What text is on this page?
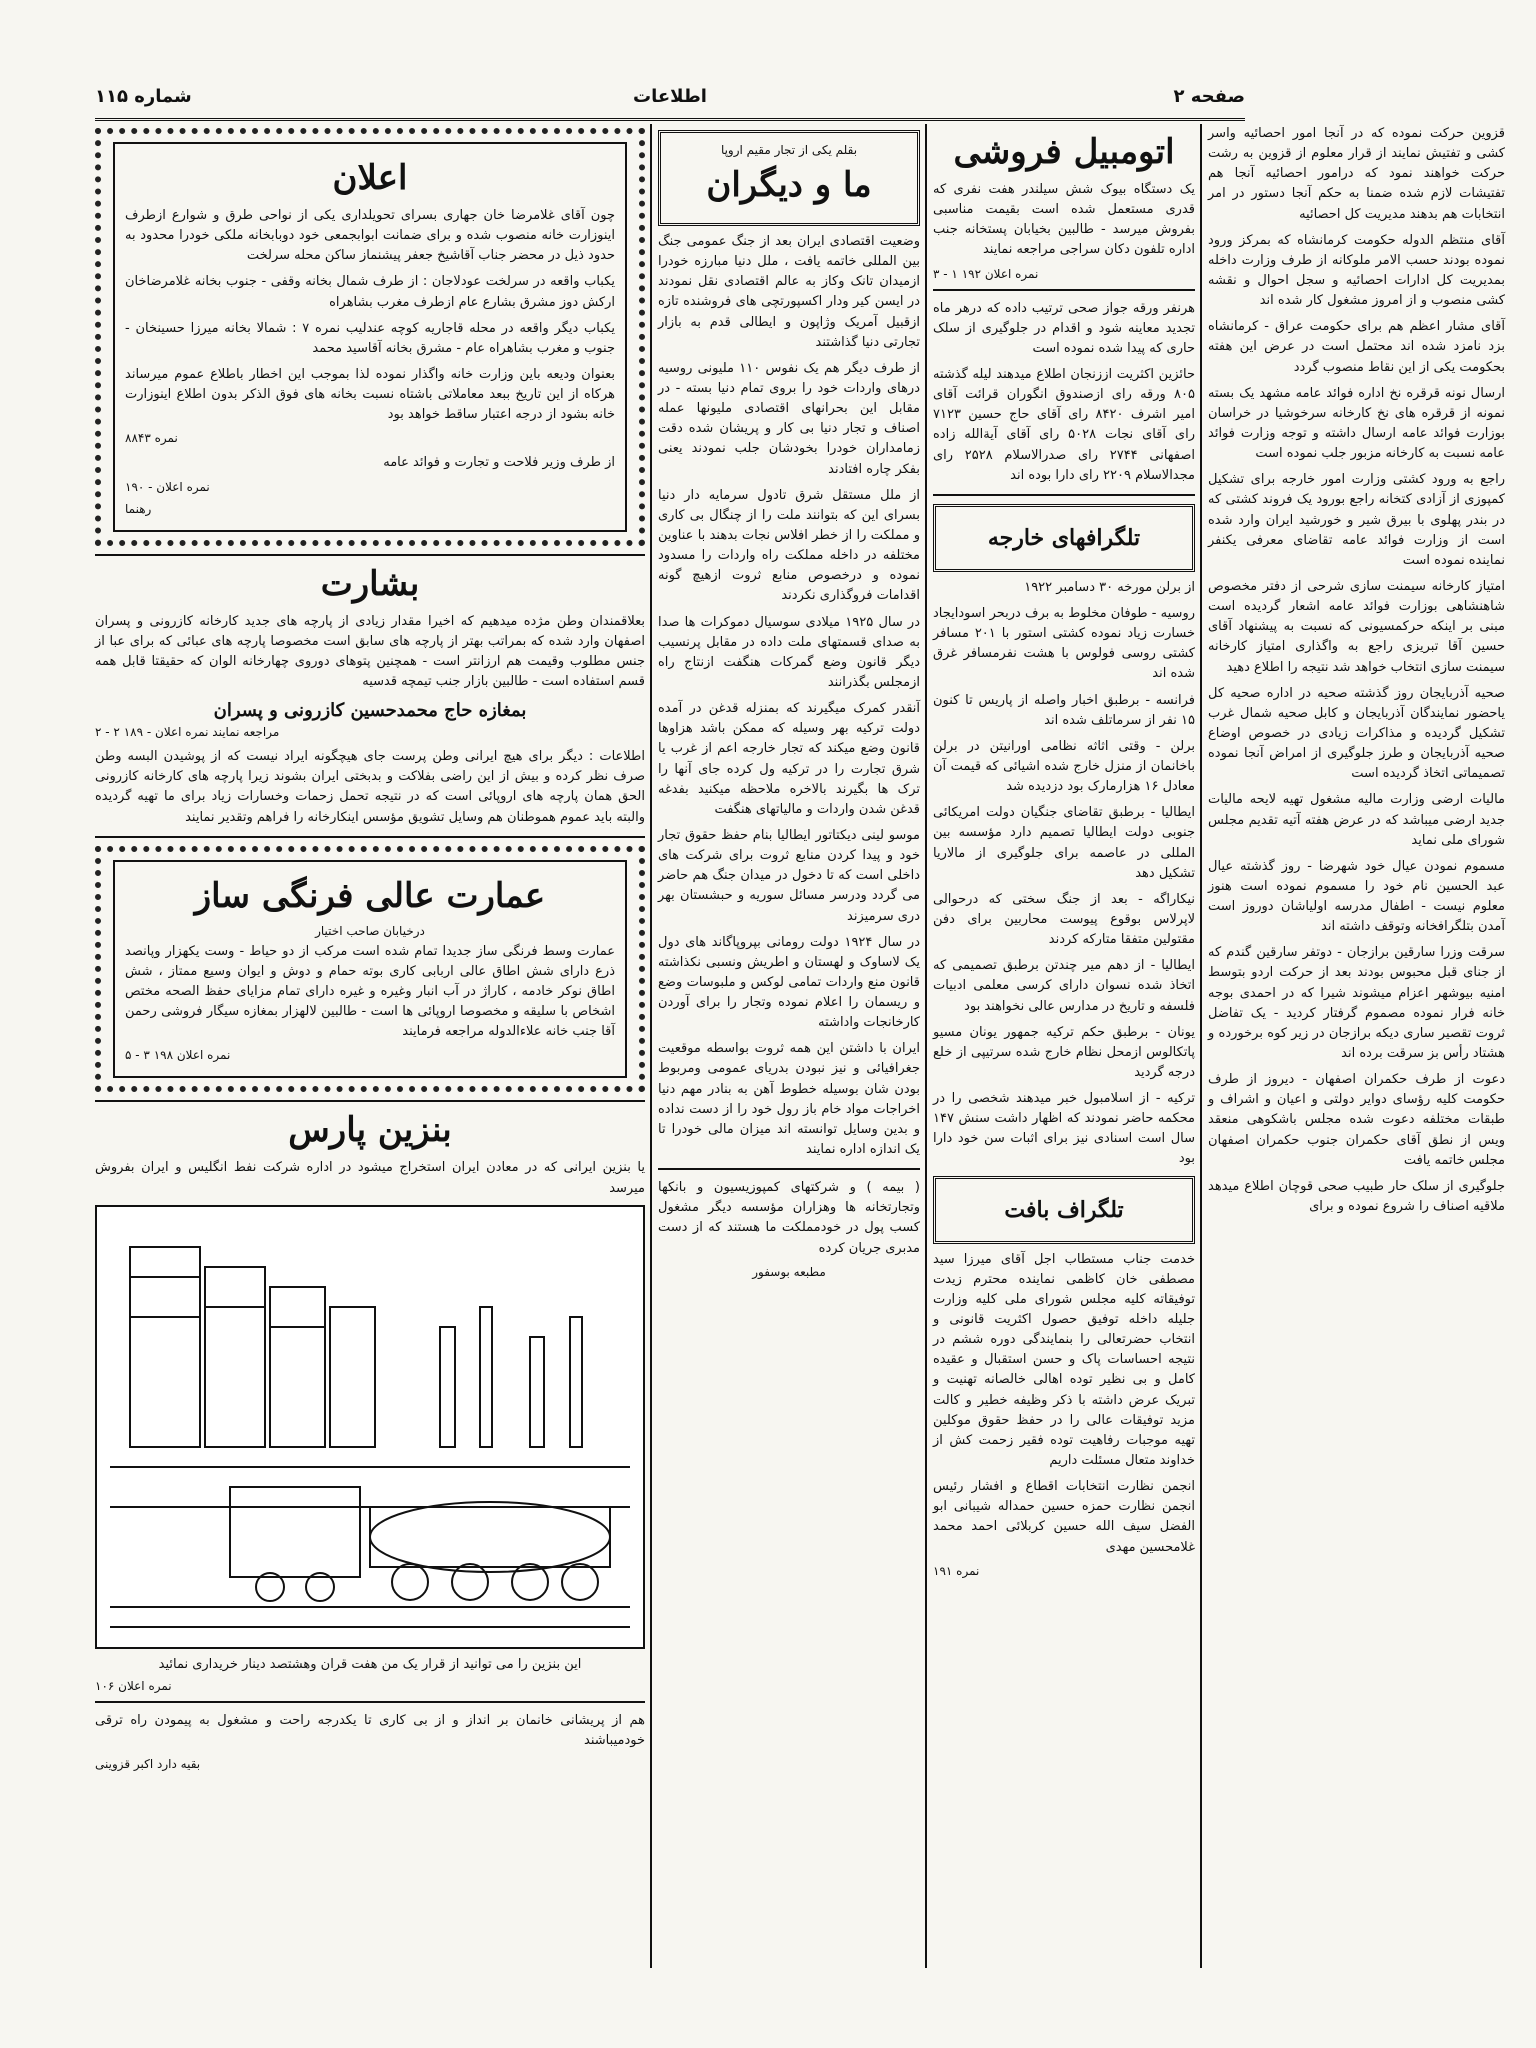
صفحه ۲
اطلاعات
شماره ۱۱۵

قزوین حرکت نموده که در آنجا امور احصائیه واسر کشی و تفتیش نمایند از قرار معلوم از قزوین به رشت حرکت خواهند نمود که درامور احصائیه آنجا هم تفتیشات لازم شده ضمنا به حکم آنجا دستور در امر انتخابات هم بدهند مدیریت کل احصائیه

آقای منتظم الدوله حکومت کرمانشاه که بمرکز ورود نموده بودند حسب الامر ملوکانه از طرف وزارت داخله بمدیریت کل ادارات احصائیه و سجل احوال و نقشه کشی منصوب و از امروز مشغول کار شده اند

آقای مشار اعظم هم برای حکومت عراق - کرمانشاه بزد نامزد شده اند محتمل است در عرض این هفته بحکومت یکی از این نقاط منصوب گردد

ارسال نونه قرقره نخ اداره فوائد عامه مشهد یک بسته نمونه از قرقره های نخ کارخانه سرخوشیا در خراسان بوزارت فوائد عامه ارسال داشته و توجه وزارت فوائد عامه نسبت به کارخانه مزبور جلب نموده است

راجع به ورود کشتی وزارت امور خارجه برای تشکیل کمپوزی از آزادی کتخانه راجع بورود یک فروند کشتی که در بندر پهلوی با بیرق شیر و خورشید ایران وارد شده است از وزارت فوائد عامه تقاضای معرفی یکنفر نماینده نموده است

امتیاز کارخانه سیمنت سازی شرحی از دفتر مخصوص شاهنشاهی بوزارت فوائد عامه اشعار گردیده است مبنی بر اینکه حرکمسیونی که نسبت به پیشنهاد آقای حسین آقا تبریزی راجع به واگذاری امتیاز کارخانه سیمنت سازی انتخاب خواهد شد نتیجه را اطلاع دهید

صحیه آذربایجان روز گذشته صحیه در اداره صحیه کل یاحضور نمایندگان آذربایجان و کابل صحیه شمال غرب تشکیل گردیده و مذاکرات زیادی در خصوص اوضاع صحیه آذربایجان و طرز جلوگیری از امراض آنجا نموده تصمیماتی اتخاذ گردیده است

مالیات ارضی وزارت مالیه مشغول تهیه لایحه مالیات جدید ارضی میباشد که در عرض هفته آتیه تقدیم مجلس شورای ملی نماید

مسموم نمودن عیال خود شهرضا - روز گذشته عیال عبد الحسین نام خود را مسموم نموده است هنوز معلوم نیست - اطفال مدرسه اولیاشان دوروز است آمدن بتلگرافخانه وتوقف داشته اند

سرقت وزرا سارقین برازجان - دوتفر سارقین گندم که از جنای قبل محبوس بودند بعد از حرکت اردو بتوسط امنیه بیوشهر اعزام میشوند شیرا که در احمدی بوجه خانه فرار نموده مصموم گرفتار کردید - یک تفاضل ثروت تقصیر ساری دیکه برازجان در زیر کوه برخورده و هشتاد رأس بز سرقت برده اند

دعوت از طرف حکمران اصفهان - دیروز از طرف حکومت کلیه رؤسای دوایر دولتی و اعیان و اشراف و طبقات مختلفه دعوت شده مجلس باشکوهی منعقد ویس از نطق آقای حکمران جنوب حکمران اصفهان مجلس خاتمه یافت

جلوگیری از سلک حار طبیب صحی قوچان اطلاع میدهد ملاقیه اصناف را شروع نموده و برای

اتومبیل فروشی

یک دستگاه بیوک شش سیلندر هفت نفری که قدری مستعمل شده است بقیمت مناسبی بفروش میرسد - طالبین بخیابان پستخانه جنب اداره تلفون دکان سراجی مراجعه نمایند

نمره اعلان ۱۹۲ ۱ - ۳

هرنفر ورقه جواز صحی ترتیب داده که درهر ماه تجدید معاینه شود و اقدام در جلوگیری از سلک حاری که پیدا شده نموده است

حائزین اکثریت اززنجان اطلاع میدهند لیله گذشته ۸۰۵ ورقه رای ازصندوق انگوران قرائت آقای امیر اشرف ۸۴۲۰ رای آقای حاج حسین ۷۱۲۳ رای آقای نجات ۵۰۲۸ رای آقای آیةالله زاده اصفهانی ۲۷۴۴ رای صدرالاسلام ۲۵۲۸ رای مجدالاسلام ۲۲۰۹ رای دارا بوده اند

تلگرافهای خارجه

از برلن مورخه ۳۰ دسامبر ۱۹۲۲

روسیه - طوفان مخلوط به برف دربحر اسودایجاد خسارت زیاد نموده کشتی استور با ۲۰۱ مسافر کشتی روسی فولوس با هشت نفرمسافر غرق شده اند

فرانسه - برطبق اخبار واصله از پاریس تا کنون ۱۵ نفر از سرماتلف شده اند

برلن - وقتی اثاثه نظامی اورانیتن در برلن باخانمان از منزل خارج شده اشیائی که قیمت آن معادل ۱۶ هزارمارک بود دزدیده شد

ایطالیا - برطبق تقاضای جنگیان دولت امریکائی جنوبی دولت ایطالیا تصمیم دارد مؤسسه بین المللی در عاصمه برای جلوگیری از مالاریا تشکیل دهد

نیکاراگه - بعد از جنگ سختی که درحوالی لاپرلاس بوقوع پیوست محاربین برای دفن مقتولین متفقا متارکه کردند

ایطالیا - از دهم میر چندتن برطبق تصمیمی که اتخاذ شده نسوان دارای کرسی معلمی ادبیات فلسفه و تاریخ در مدارس عالی نخواهند بود

یونان - برطبق حکم ترکیه جمهور یونان مسیو پاتکالوس ازمحل نظام خارج شده سرتیپی از خلع درجه گردید

ترکیه - از اسلامبول خبر میدهند شخصی را در محکمه حاضر نمودند که اظهار داشت سنش ۱۴۷ سال است اسنادی نیز برای اثبات سن خود دارا بود

تلگراف بافت

خدمت جناب مستطاب اجل آقای میرزا سید مصطفی خان کاظمی نماینده محترم زیدت توفیقاته کلیه مجلس شورای ملی کلیه وزارت جلیله داخله توفیق حصول اکثریت قانونی و انتخاب حضرتعالی را بنمایندگی دوره ششم در نتیجه احساسات پاک و حسن استقبال و عقیده کامل و بی نظیر توده اهالی خالصانه تهنیت و تبریک عرض داشته با ذکر وظیفه خطیر و کالت مزید توفیقات عالی را در حفظ حقوق موکلین تهیه موجبات رفاهیت توده فقیر زحمت کش از خداوند متعال مسئلت داریم

انجمن نظارت انتخابات اقطاع و افشار رئیس انجمن نظارت حمزه حسین حمداله شیبانی ابو الفضل سیف الله حسین کربلائی احمد محمد غلامحسین مهدی

نمره ۱۹۱
بقلم یکی از تجار مقیم اروپا
ما و دیگران

وضعیت اقتصادی ایران بعد از جنگ عمومی جنگ بین المللی خاتمه یافت ، ملل دنیا مبارزه خودرا ازمیدان تانک وکاز به عالم اقتصادی نقل نمودند در ایسن کیر ودار اکسپورتچی های فروشنده تازه ازقبیل آمریک وژاپون و ایطالی قدم به بازار تجارتی دنیا گذاشتند

از طرف دیگر هم یک نفوس ۱۱۰ ملیونی روسیه درهای واردات خود را بروی تمام دنیا بسته - در مقابل این بحرانهای اقتصادی ملیونها عمله اصناف و تجار دنیا بی کار و پریشان شده دقت زمامداران خودرا بخودشان جلب نمودند یعنی بفکر چاره افتادند

از ملل مستقل شرق تادول سرمایه دار دنیا بسرای این که بتوانند ملت را از چنگال بی کاری و مملکت را از خطر افلاس نجات بدهند با عناوین مختلفه در داخله مملکت راه واردات را مسدود نموده و درخصوص منابع ثروت ازهیچ گونه اقدامات فروگذاری نکردند

در سال ۱۹۲۵ میلادی سوسیال دموکرات ها صدا به صدای قسمتهای ملت داده در مقابل پرنسیب دیگر قانون وضع گمرکات هنگفت ازنتاج راه ازمجلس بگذرانند

آنقدر کمرک میگیرند که بمنزله قدغن در آمده دولت ترکیه بهر وسیله که ممکن باشد هزاوها قانون وضع میکند که تجار خارجه اعم از غرب یا شرق تجارت را در ترکیه ول کرده جای آنها را ترک ها بگیرند بالاخره ملاحظه میکنید بفدغه قدغن شدن واردات و مالیاتهای هنگفت

موسو لینی دیکتاتور ایطالیا بنام حفظ حقوق تجار خود و پیدا کردن منابع ثروت برای شرکت های داخلی است که تا دخول در میدان جنگ هم حاضر می گردد ودرسر مسائل سوریه و حبشستان بهر دری سرمیزند

در سال ۱۹۲۴ دولت رومانی بپروپاگاند های دول یک لاساوک و لهستان و اطریش ونسبی نکذاشته قانون منع واردات تمامی لوکس و ملبوسات وضع و ریسمان را اعلام نموده وتجار را برای آوردن کارخانجات واداشته

ایران با داشتن این همه ثروت بواسطه موقعیت جغرافیائی و نیز نبودن بدریای عمومی ومربوط بودن شان بوسیله خطوط آهن به بنادر مهم دنیا اخراجات مواد خام باز رول خود را از دست نداده و بدین وسایل توانسته اند میزان مالی خودرا تا یک اندازه اداره نمایند

( بیمه ) و شرکتهای کمپوزیسیون و بانکها وتجارتخانه ها وهزاران مؤسسه دیگر مشغول کسب پول در خودمملکت ما هستند که از دست مدبری جریان کرده

مطبعه بوسفور
اعلان

چون آقای غلامرضا خان جهاری بسرای تحویلداری یکی از نواحی طرق و شوارع ازطرف اینوزارت خانه منصوب شده و برای ضمانت ابوابجمعی خود دوبابخانه ملکی خودرا محدود به حدود ذیل در محضر جناب آقاشیخ جعفر پیشنماز ساکن محله سرلخت

یکباب واقعه در سرلخت عودلاجان : از طرف شمال بخانه وقفی - جنوب بخانه غلامرضاخان ارکش دوز مشرق بشارع عام ازطرف مغرب بشاهراه

یکباب دیگر واقعه در محله قاجاریه کوچه عندلیب نمره ۷ : شمالا بخانه میرزا حسینخان - جنوب و مغرب بشاهراه عام - مشرق بخانه آقاسید محمد

بعنوان ودیعه باین وزارت خانه واگذار نموده لذا بموجب این اخطار باطلاع عموم میرساند هرکاه از این تاریخ ببعد معاملاتی باشتاه نسبت بخانه های فوق الذکر بدون اطلاع اینوزارت خانه بشود از درجه اعتبار ساقط خواهد بود

نمره ۸۸۴۳

از طرف وزیر فلاحت و تجارت و فوائد عامه

نمره اعلان - ۱۹۰
رهنما
بشارت

بعلاقمندان وطن مژده میدهیم که اخیرا مقدار زیادی از پارچه های جدید کارخانه کازرونی و پسران اصفهان وارد شده که بمراتب بهتر از پارچه های سابق است مخصوصا پارچه های عبائی که برای عبا از جنس مطلوب وقیمت هم ارزانتر است - همچنین پتوهای دوروی چهارخانه الوان که حقیقتا قابل همه قسم استفاده است - طالبین بازار جنب تیمچه قدسیه

بمغازه حاج محمدحسین کازرونی و پسران
مراجعه نمایند نمره اعلان - ۱۸۹ ۲ - ۲

اطلاعات : دیگر برای هیچ ایرانی وطن پرست جای هیچگونه ایراد نیست که از پوشیدن البسه وطن صرف نظر کرده و بیش از این راضی بفلاکت و بدبختی ایران بشوند زیرا پارچه های کارخانه کازرونی الحق همان پارچه های اروپائی است که در نتیجه تحمل زحمات وخسارات زیاد برای ما تهیه گردیده والبته باید عموم هموطنان هم وسایل تشویق مؤسس اینکارخانه را فراهم وتقدیر نمایند

عمارت عالی فرنگی ساز
درخیابان صاحب اختیار

عمارت وسط فرنگی ساز جدیدا تمام شده است مرکب از دو حیاط - وست یکهزار وپانصد ذرع دارای شش اطاق عالی اربابی کاری بوته حمام و دوش و ایوان وسیع ممتاز ، شش اطاق نوکر خادمه ، کاراژ در آب انبار وغیره و غیره دارای تمام مزایای حفظ الصحه مختص اشخاص با سلیقه و مخصوصا اروپائی ها است - طالبین لالهزار بمغازه سیگار فروشی رحمن آقا جنب خانه علاءالدوله مراجعه فرمایند

نمره اعلان ۱۹۸ ۳ - ۵
بنزین پارس

یا بنزین ایرانی که در معادن ایران استخراج میشود در اداره شرکت نفط انگلیس و ایران بفروش میرسد

این بنزین را می توانید از قرار یک من هفت قران وهشتصد دینار خریداری نمائید

نمره اعلان ۱۰۶

هم از پریشانی خانمان بر انداز و از بی کاری تا یکدرجه راحت و مشغول به پیمودن راه ترقی خودمیباشند

بقیه دارد اکبر قزوینی
